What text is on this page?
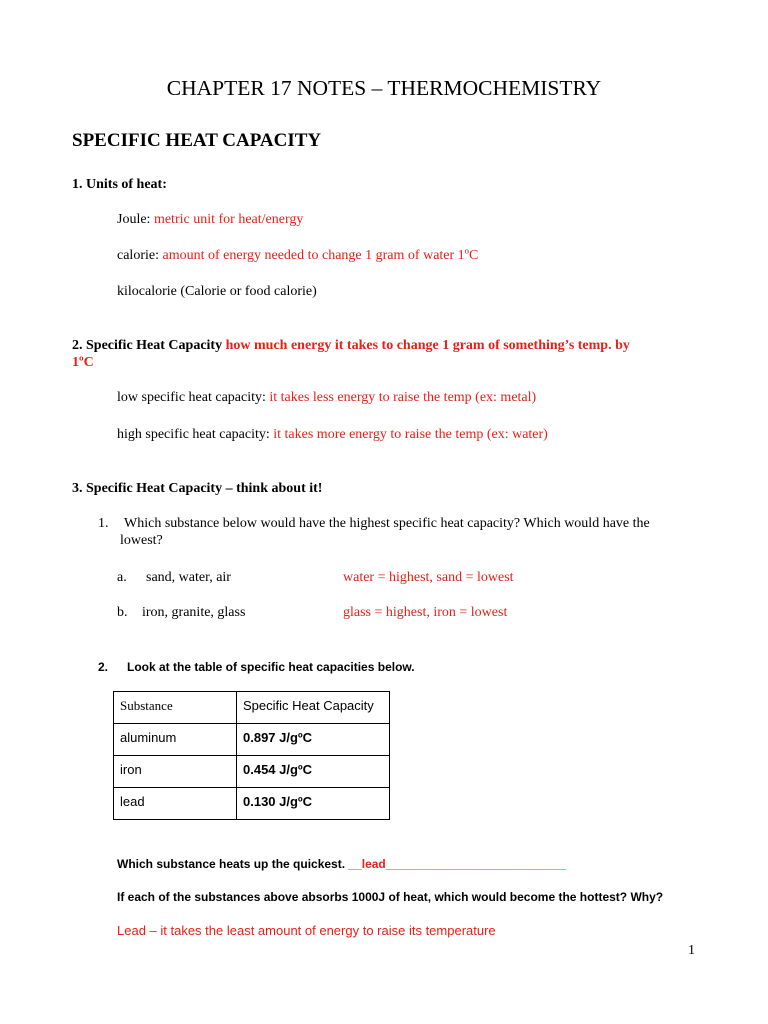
CHAPTER 17 NOTES – THERMOCHEMISTRY
SPECIFIC HEAT CAPACITY
1. Units of heat:
Joule: metric unit for heat/energy
calorie: amount of energy needed to change 1 gram of water 1ºC
kilocalorie (Calorie or food calorie)
2. Specific Heat Capacity how much energy it takes to change 1 gram of something’s temp. by
1ºC
low specific heat capacity: it takes less energy to raise the temp (ex: metal)
high specific heat capacity: it takes more energy to raise the temp (ex: water)
3. Specific Heat Capacity – think about it!
1. Which substance below would have the highest specific heat capacity? Which would have the
lowest?
a. sand, water, air	water = highest, sand = lowest
b. iron, granite, glass	glass = highest, iron = lowest
2. Look at the table of specific heat capacities below.
Substance	Specific Heat Capacity
aluminum	0.897 J/gºC
iron	0.454 J/gºC
lead	0.130 J/gºC
Which substance heats up the quickest. __lead___________________________
If each of the substances above absorbs 1000J of heat, which would become the hottest? Why?
Lead – it takes the least amount of energy to raise its temperature
1
